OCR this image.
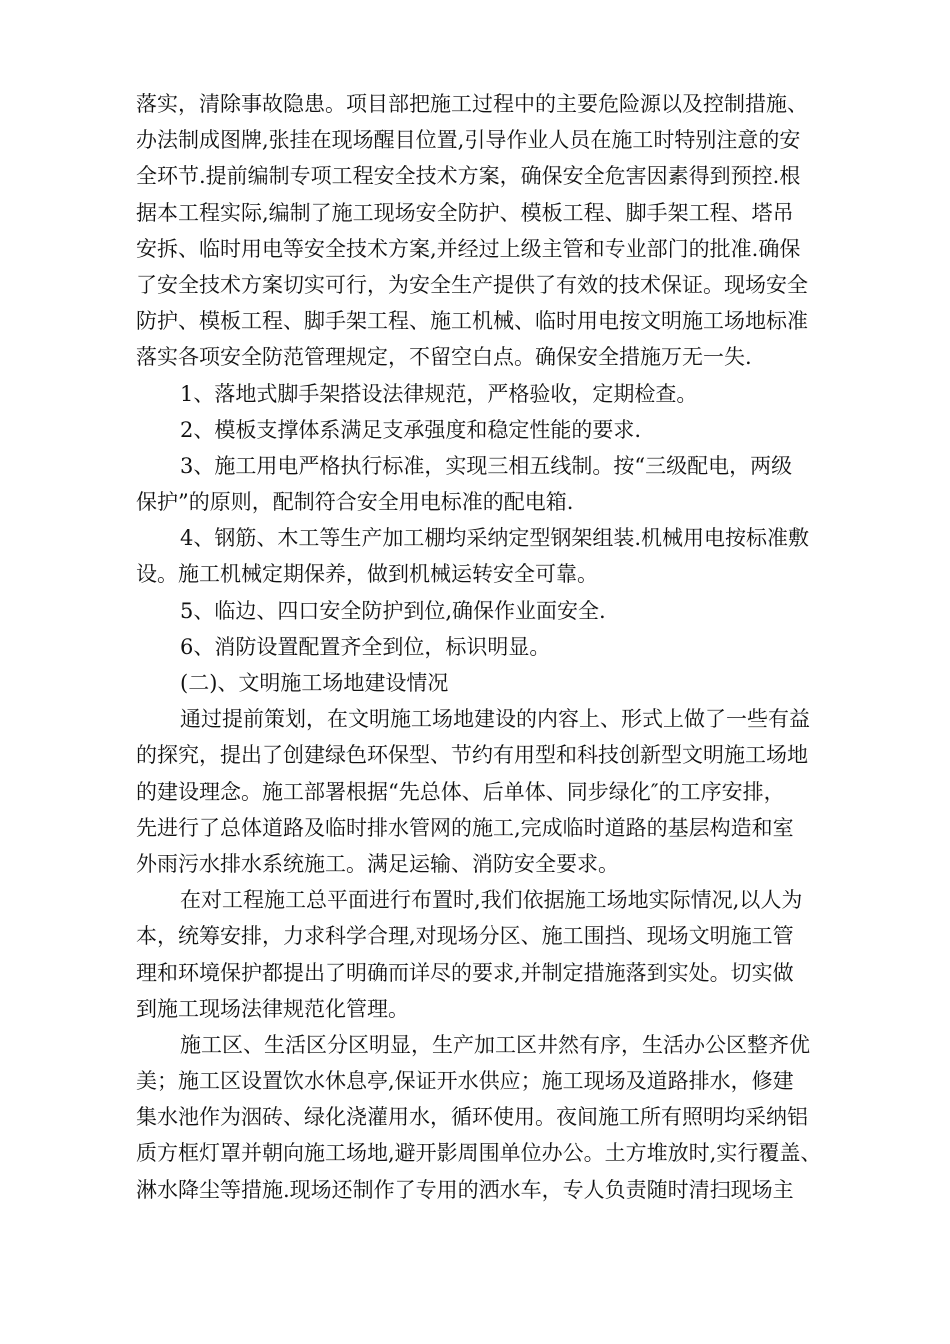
落实，清除事故隐患。项目部把施工过程中的主要危险源以及控制措施、
办法制成图牌,张挂在现场醒目位置,引导作业人员在施工时特别注意的安
全环节.提前编制专项工程安全技术方案，确保安全危害因素得到预控.根
据本工程实际,编制了施工现场安全防护、模板工程、脚手架工程、塔吊
安拆、临时用电等安全技术方案,并经过上级主管和专业部门的批准.确保
了安全技术方案切实可行，为安全生产提供了有效的技术保证。现场安全
防护、模板工程、脚手架工程、施工机械、临时用电按文明施工场地标准
落实各项安全防范管理规定，不留空白点。确保安全措施万无一失.

1、落地式脚手架搭设法律规范，严格验收，定期检查。

2、模板支撑体系满足支承强度和稳定性能的要求.

3、施工用电严格执行标准，实现三相五线制。按“三级配电，两级
保护”的原则，配制符合安全用电标准的配电箱.

4、钢筋、木工等生产加工棚均采纳定型钢架组装.机械用电按标准敷
设。施工机械定期保养，做到机械运转安全可靠。

5、临边、四口安全防护到位,确保作业面安全.

6、消防设置配置齐全到位，标识明显。

(二)、文明施工场地建设情况

通过提前策划，在文明施工场地建设的内容上、形式上做了一些有益
的探究，提出了创建绿色环保型、节约有用型和科技创新型文明施工场地
的建设理念。施工部署根据“先总体、后单体、同步绿化″的工序安排，
先进行了总体道路及临时排水管网的施工,完成临时道路的基层构造和室
外雨污水排水系统施工。满足运输、消防安全要求。

在对工程施工总平面进行布置时,我们依据施工场地实际情况,以人为
本，统筹安排，力求科学合理,对现场分区、施工围挡、现场文明施工管
理和环境保护都提出了明确而详尽的要求,并制定措施落到实处。切实做
到施工现场法律规范化管理。

施工区、生活区分区明显，生产加工区井然有序，生活办公区整齐优
美；施工区设置饮水休息亭,保证开水供应；施工现场及道路排水，修建
集水池作为洇砖、绿化浇灌用水，循环使用。夜间施工所有照明均采纳铝
质方框灯罩并朝向施工场地,避开影周围单位办公。土方堆放时,实行覆盖、
淋水降尘等措施.现场还制作了专用的洒水车，专人负责随时清扫现场主
